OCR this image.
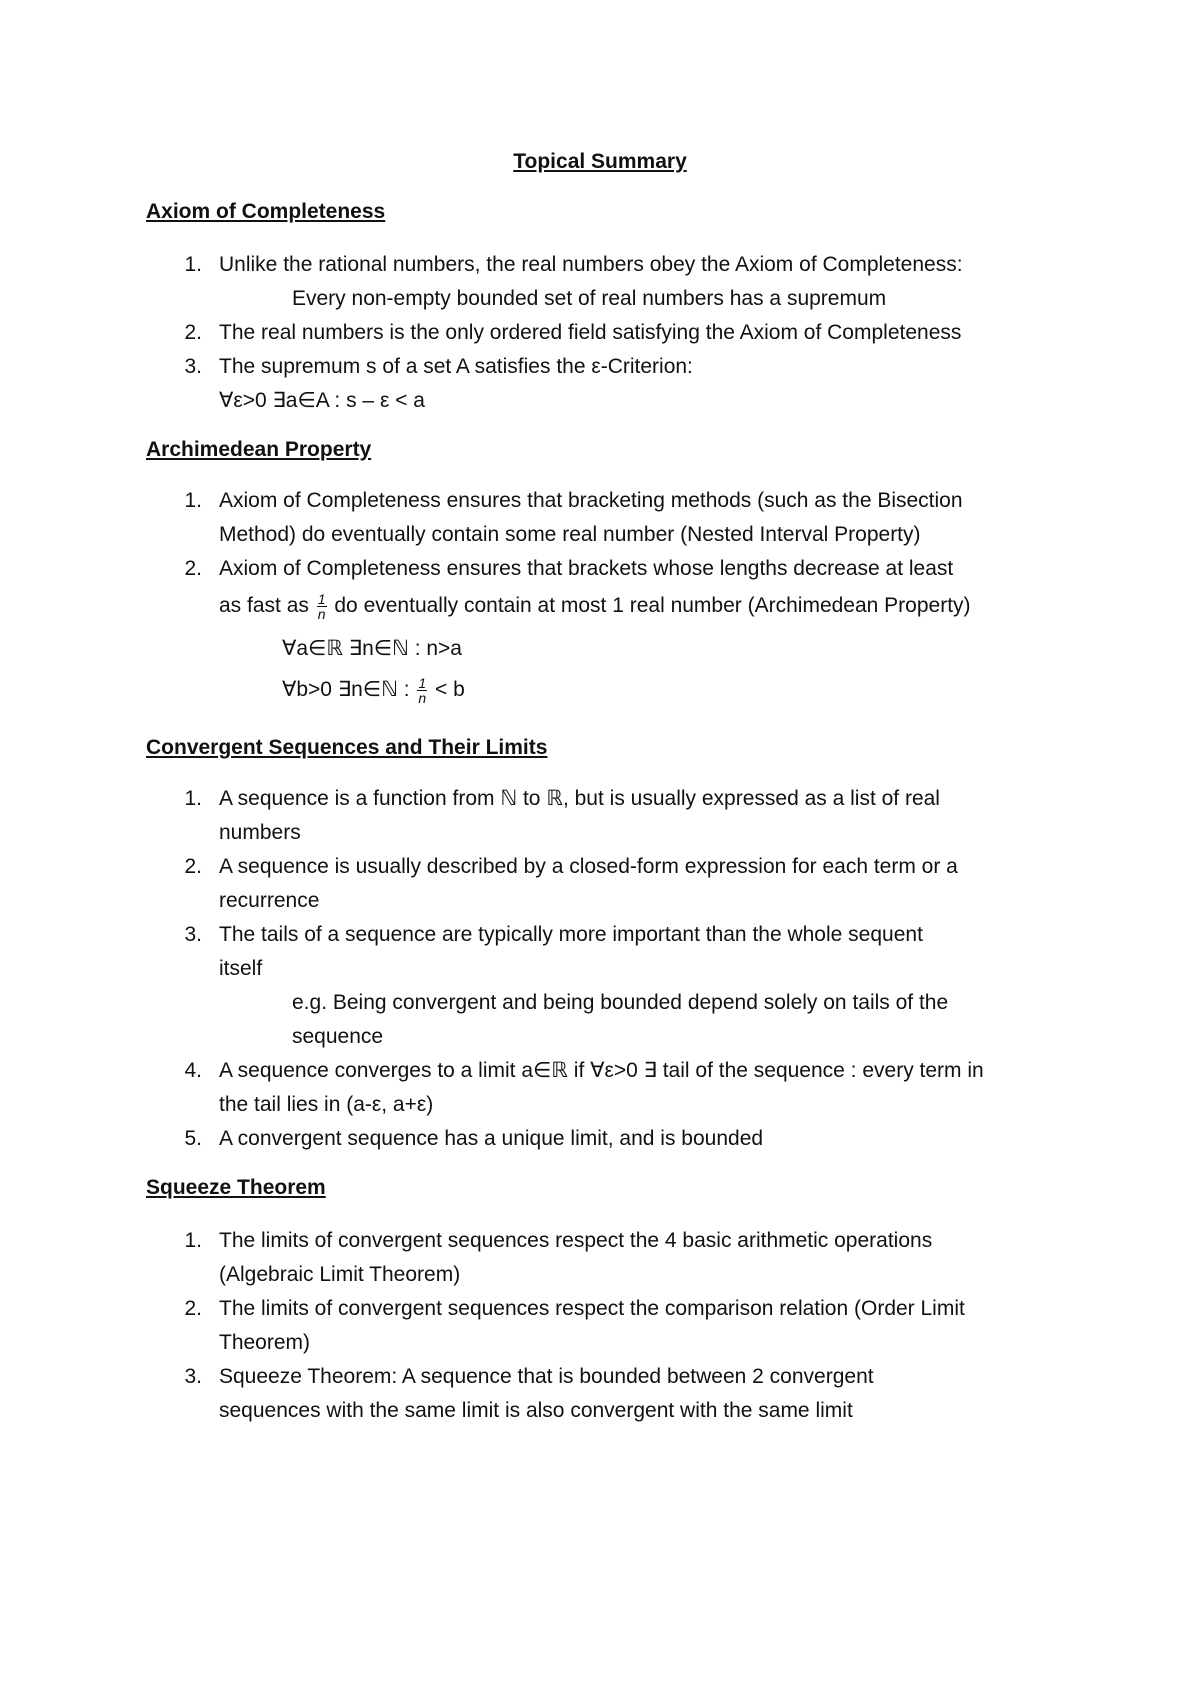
Topical Summary
Axiom of Completeness
1. Unlike the rational numbers, the real numbers obey the Axiom of Completeness:
Every non-empty bounded set of real numbers has a supremum
2. The real numbers is the only ordered field satisfying the Axiom of Completeness
3. The supremum s of a set A satisfies the ε-Criterion:
∀ε>0 ∃a∈A : s – ε < a
Archimedean Property
1. Axiom of Completeness ensures that bracketing methods (such as the Bisection
Method) do eventually contain some real number (Nested Interval Property)
2. Axiom of Completeness ensures that brackets whose lengths decrease at least
as fast as $\frac{1}{n}$ do eventually contain at most 1 real number (Archimedean Property)
∀a∈ℝ ∃n∈ℕ : n>a
∀b>0 ∃n∈ℕ : $\frac{1}{n} < b$
Convergent Sequences and Their Limits
1. A sequence is a function from ℕ to ℝ, but is usually expressed as a list of real
numbers
2. A sequence is usually described by a closed-form expression for each term or a
recurrence
3. The tails of a sequence are typically more important than the whole sequent
itself
e.g. Being convergent and being bounded depend solely on tails of the
sequence
4. A sequence converges to a limit a∈ℝ if ∀ε>0 ∃ tail of the sequence : every term in
the tail lies in (a-ε, a+ε)
5. A convergent sequence has a unique limit, and is bounded
Squeeze Theorem
1. The limits of convergent sequences respect the 4 basic arithmetic operations
(Algebraic Limit Theorem)
2. The limits of convergent sequences respect the comparison relation (Order Limit
Theorem)
3. Squeeze Theorem: A sequence that is bounded between 2 convergent
sequences with the same limit is also convergent with the same limit
